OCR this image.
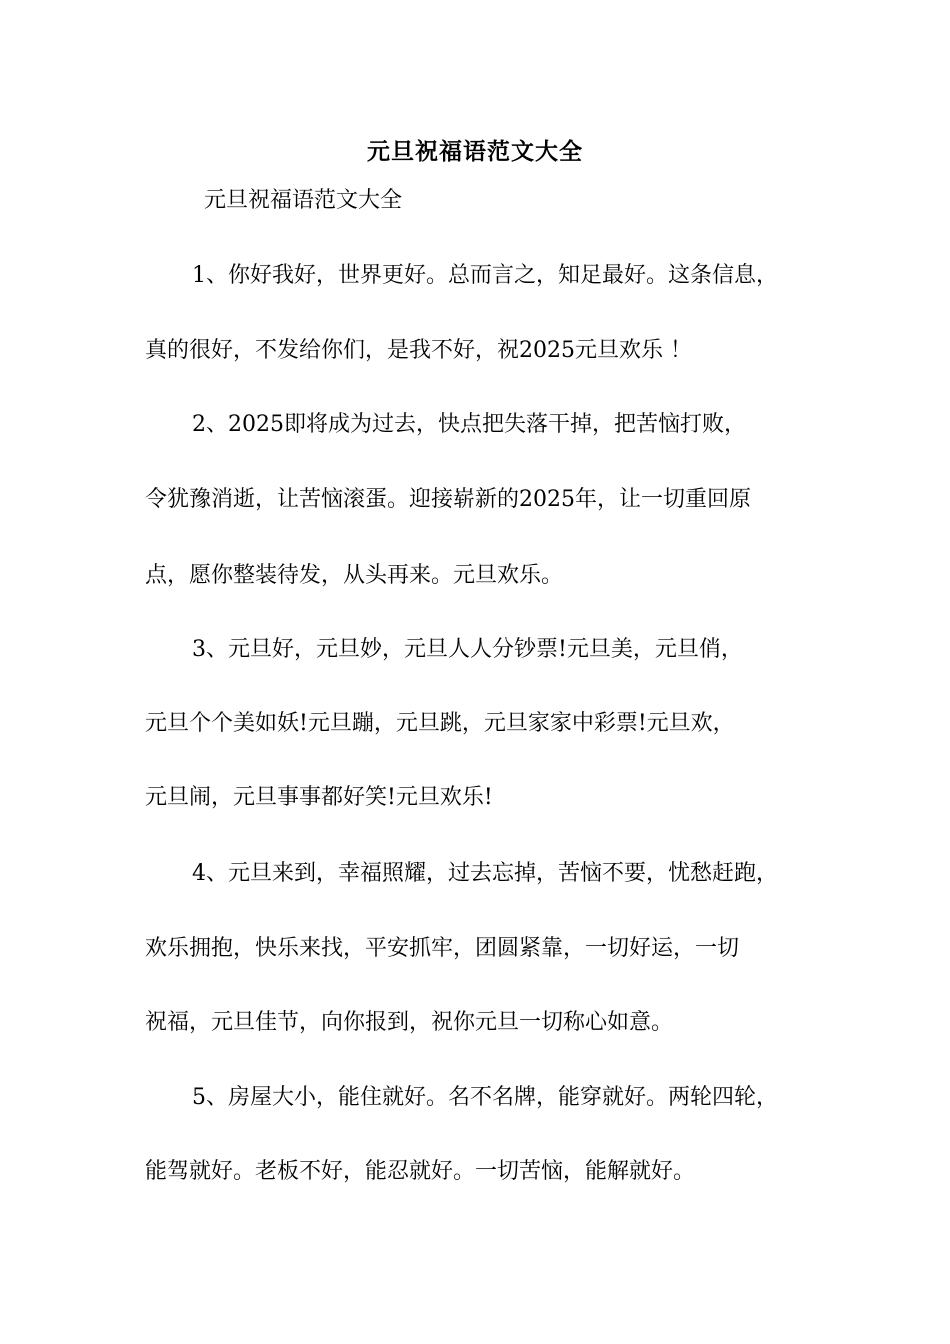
元旦祝福语范文大全
元旦祝福语范文大全
1、你好我好，世界更好。总而言之，知足最好。这条信息，
真的很好，不发给你们，是我不好，祝2025元旦欢乐 ！
2、2025即将成为过去，快点把失落干掉，把苦恼打败，
令犹豫消逝，让苦恼滚蛋。迎接崭新的2025年，让一切重回原
点，愿你整装待发，从头再来。元旦欢乐。
3、元旦好，元旦妙，元旦人人分钞票!元旦美，元旦俏，
元旦个个美如妖!元旦蹦，元旦跳，元旦家家中彩票!元旦欢，
元旦闹，元旦事事都好笑!元旦欢乐!
4、元旦来到，幸福照耀，过去忘掉，苦恼不要，忧愁赶跑，
欢乐拥抱，快乐来找，平安抓牢，团圆紧靠，一切好运，一切
祝福，元旦佳节，向你报到，祝你元旦一切称心如意。
5、房屋大小，能住就好。名不名牌，能穿就好。两轮四轮，
能驾就好。老板不好，能忍就好。一切苦恼，能解就好。
